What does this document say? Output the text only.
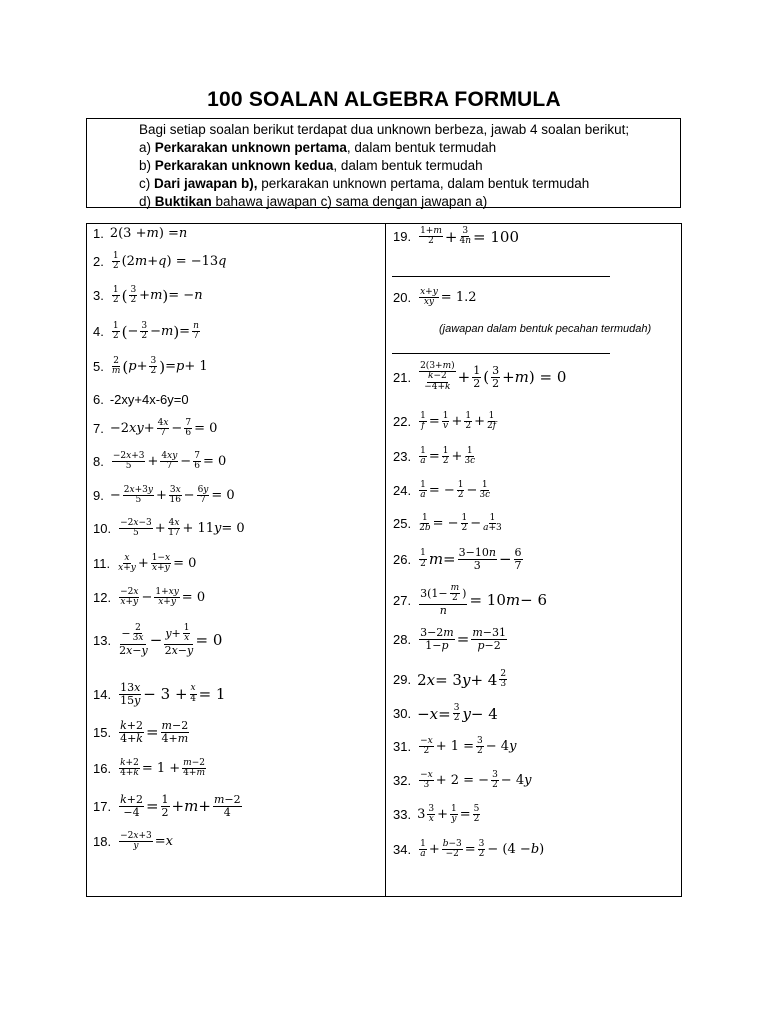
100 SOALAN ALGEBRA FORMULA
Bagi setiap soalan berikut terdapat dua unknown berbeza, jawab 4 soalan berikut;
a) Perkarakan unknown pertama, dalam bentuk termudah
b) Perkarakan unknown kedua, dalam bentuk termudah
c) Dari jawapan b), perkarakan unknown pertama, dalam bentuk termudah
d) Buktikan bahawa jawapan c) sama dengan jawapan a)
1. 2(3 + m ) = n
2. 1
2 (2 m + q ) = −13 q
3. 1
2 ( 3
2 + m ) = − n
4. 1
2 ( − 3
2 − m ) = n
7
5. 2
m ( p + 3
2 ) = p + 1
6. -2xy+4x-6y=0
7. −2 xy + 4x
7 − 7
6 = 0
8. −2x+3
5 + 4xy
7 − 7
6 = 0
9. − 2x+3y
5 + 3x
16 − 6y
7 = 0
10. −2x−3
5 + 4x
17 + 11 y = 0
11. x
x+y + 1−x
x+y = 0
12. −2x
x+y − 1+xy
x+y = 0
13. − $\frac{2}{3x}$
2x−y
− $y+ \frac{1}{x}$
2x−y
= 0
14. 13x
15y − 3 + x
4 = 1
15. k+2
4+k = m−2
4+m
16. k+2
4+k = 1 + m−2
4+m
17. k+2
−4 = 1
2 + m + m−2
4
18. −2x+3
y = x
19. 1+m
2 + 3
4n = 100
20. x+y
xy = 1.2
(jawapan dalam bentuk pecahan termudah)
21.
2(3+m)
$\frac{k-2}{-4+k} + 1$
2 ( 3
2 + m ) = 0
22. 1
f = 1
v + 1
2 + 1
2f
23. 1
a = 1
2 + 1
3c
24. 1
a = − 1
2 − 1
3c
25. 1
2b = − 1
2 − 1
a+3
26. 1
2 m = 3−10n
3 − 6
7
27. $3(1- \frac{m}{2}$ )
n
= 10 m − 6
28. 3−2m
1−p = m−31
p−2
29. 2 x = 3 y + 4 2
3
30. − x = 3
2 y − 4
31. −x
2 + 1 = 3
2 − 4 y
32. −x
3 + 2 = − 3
2 − 4 y
33. 3 3
x + 1
y = 5
2
34. 1
a + b−3
−2 = 3
2 − (4 − b )
